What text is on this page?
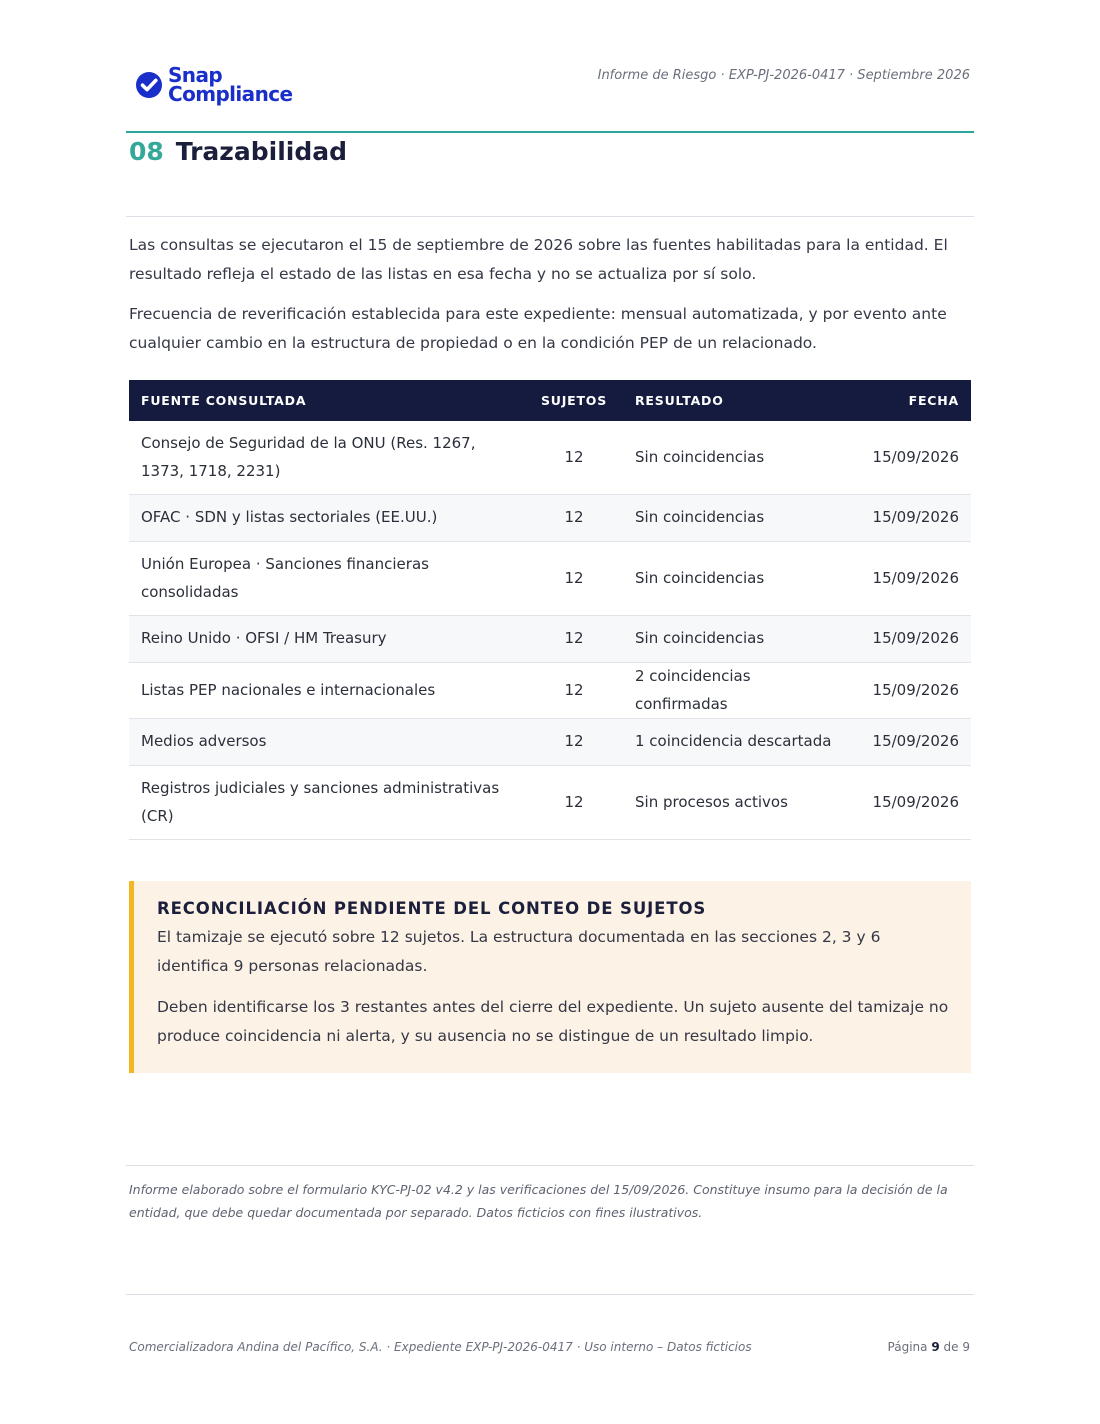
Snap
Compliance
Informe de Riesgo · EXP-PJ-2026-0417 · Septiembre 2026
08 Trazabilidad

Las consultas se ejecutaron el 15 de septiembre de 2026 sobre las fuentes habilitadas para la entidad. El resultado refleja el estado de las listas en esa fecha y no se actualiza por sí solo.

Frecuencia de reverificación establecida para este expediente: mensual automatizada, y por evento ante cualquier cambio en la estructura de propiedad o en la condición PEP de un relacionado.

FUENTE CONSULTADA	SUJETOS	RESULTADO	FECHA
Consejo de Seguridad de la ONU (Res. 1267, 1373, 1718, 2231)	12	Sin coincidencias	15/09/2026
OFAC · SDN y listas sectoriales (EE.UU.)	12	Sin coincidencias	15/09/2026
Unión Europea · Sanciones financieras consolidadas	12	Sin coincidencias	15/09/2026
Reino Unido · OFSI / HM Treasury	12	Sin coincidencias	15/09/2026
Listas PEP nacionales e internacionales	12	2 coincidencias confirmadas	15/09/2026
Medios adversos	12	1 coincidencia descartada	15/09/2026
Registros judiciales y sanciones administrativas (CR)	12	Sin procesos activos	15/09/2026
RECONCILIACIÓN PENDIENTE DEL CONTEO DE SUJETOS

El tamizaje se ejecutó sobre 12 sujetos. La estructura documentada en las secciones 2, 3 y 6 identifica 9 personas relacionadas.

Deben identificarse los 3 restantes antes del cierre del expediente. Un sujeto ausente del tamizaje no produce coincidencia ni alerta, y su ausencia no se distingue de un resultado limpio.

Informe elaborado sobre el formulario KYC-PJ-02 v4.2 y las verificaciones del 15/09/2026. Constituye insumo para la decisión de la entidad, que debe quedar documentada por separado. Datos ficticios con fines ilustrativos.

Comercializadora Andina del Pacífico, S.A. · Expediente EXP-PJ-2026-0417 · Uso interno – Datos ficticios	Página 9 de 9
